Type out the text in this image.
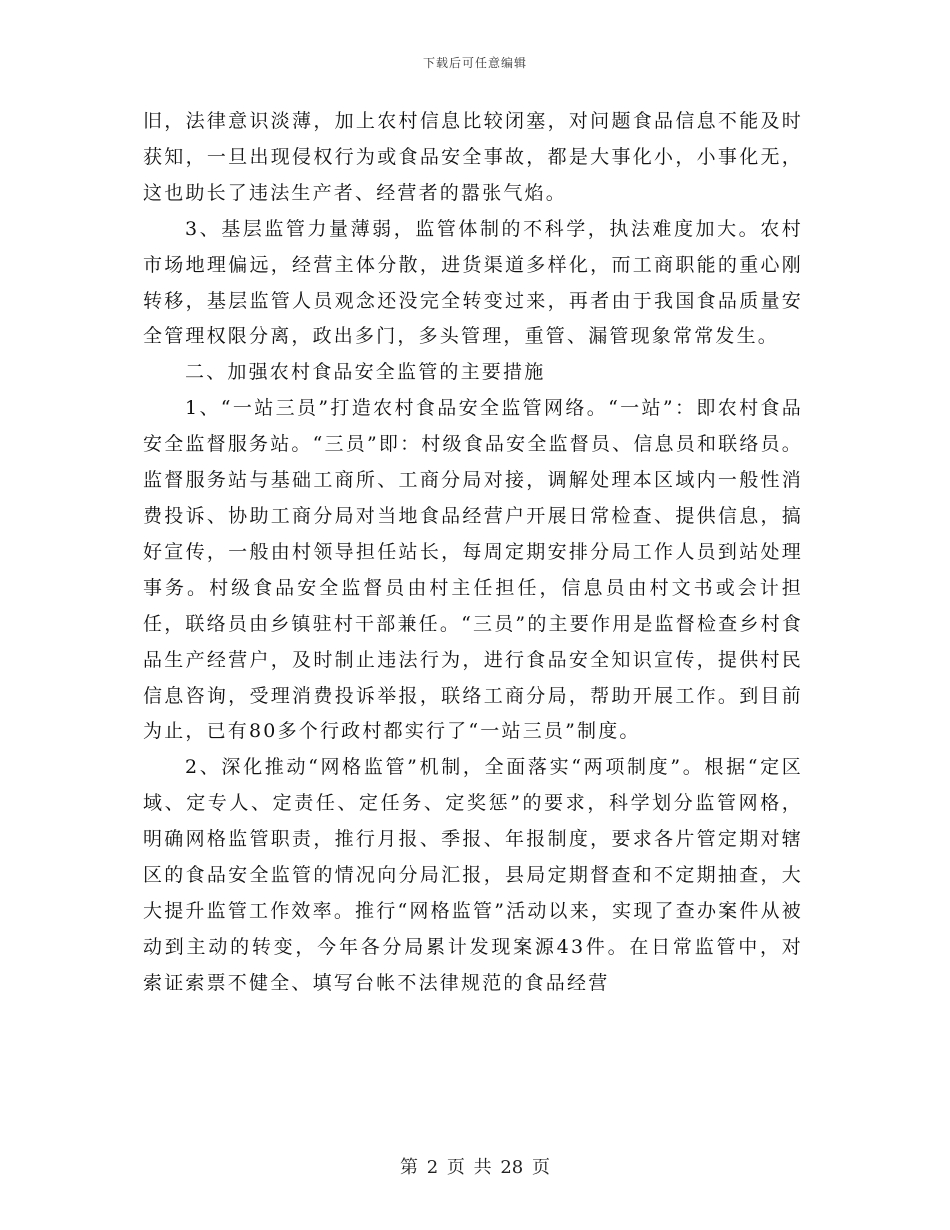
下载后可任意编辑

旧，法律意识淡薄，加上农村信息比较闭塞，对问题食品信息不能及时获知，一旦出现侵权行为或食品安全事故，都是大事化小，小事化无，这也助长了违法生产者、经营者的嚣张气焰。

3、基层监管力量薄弱，监管体制的不科学，执法难度加大。农村市场地理偏远，经营主体分散，进货渠道多样化，而工商职能的重心刚转移，基层监管人员观念还没完全转变过来，再者由于我国食品质量安全管理权限分离，政出多门，多头管理，重管、漏管现象常常发生。

二、加强农村食品安全监管的主要措施

1、“一站三员”打造农村食品安全监管网络。“一站”：即农村食品安全监督服务站。“三员”即：村级食品安全监督员、信息员和联络员。监督服务站与基础工商所、工商分局对接，调解处理本区域内一般性消费投诉、协助工商分局对当地食品经营户开展日常检查、提供信息，搞好宣传，一般由村领导担任站长，每周定期安排分局工作人员到站处理事务。村级食品安全监督员由村主任担任，信息员由村文书或会计担任，联络员由乡镇驻村干部兼任。“三员”的主要作用是监督检查乡村食品生产经营户，及时制止违法行为，进行食品安全知识宣传，提供村民信息咨询，受理消费投诉举报，联络工商分局，帮助开展工作。到目前为止，已有80多个行政村都实行了“一站三员”制度。

2、深化推动“网格监管”机制，全面落实“两项制度”。根据“定区域、定专人、定责任、定任务、定奖惩”的要求，科学划分监管网格，明确网格监管职责，推行月报、季报、年报制度，要求各片管定期对辖区的食品安全监管的情况向分局汇报，县局定期督查和不定期抽查，大大提升监管工作效率。推行“网格监管”活动以来，实现了查办案件从被动到主动的转变，今年各分局累计发现案源43件。在日常监管中，对索证索票不健全、填写台帐不法律规范的食品经营

第 2 页 共 28 页
